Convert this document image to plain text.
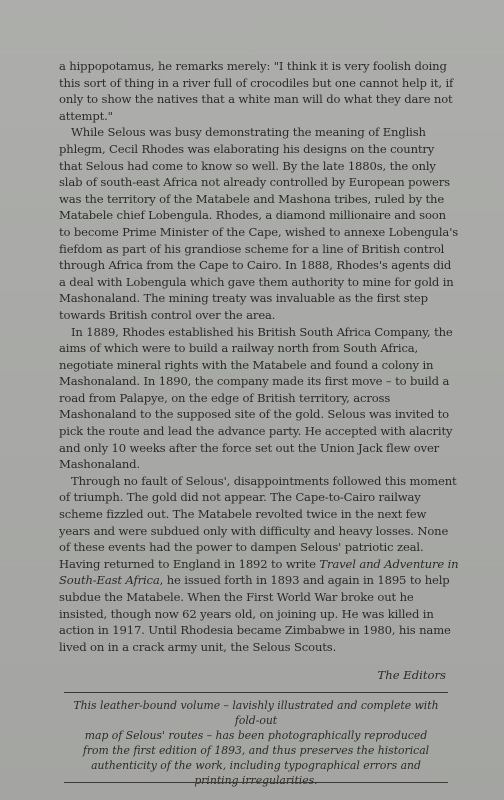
a hippopotamus, he remarks merely: "I think it is very foolish doing this sort of thing in a river full of crocodiles but one cannot help it, if only to show the natives that a white man will do what they dare not attempt."

While Selous was busy demonstrating the meaning of English phlegm, Cecil Rhodes was elaborating his designs on the country that Selous had come to know so well. By the late 1880s, the only slab of south-east Africa not already controlled by European powers was the territory of the Matabele and Mashona tribes, ruled by the Matabele chief Lobengula. Rhodes, a diamond millionaire and soon to become Prime Minister of the Cape, wished to annexe Lobengula's fiefdom as part of his grandiose scheme for a line of British control through Africa from the Cape to Cairo. In 1888, Rhodes's agents did a deal with Lobengula which gave them authority to mine for gold in Mashonaland. The mining treaty was invaluable as the first step towards British control over the area.

In 1889, Rhodes established his British South Africa Company, the aims of which were to build a railway north from South Africa, negotiate mineral rights with the Matabele and found a colony in Mashonaland. In 1890, the company made its first move – to build a road from Palapye, on the edge of British territory, across Mashonaland to the supposed site of the gold. Selous was invited to pick the route and lead the advance party. He accepted with alacrity and only 10 weeks after the force set out the Union Jack flew over Mashonaland.

Through no fault of Selous', disappointments followed this moment of triumph. The gold did not appear. The Cape-to-Cairo railway scheme fizzled out. The Matabele revolted twice in the next few years and were subdued only with difficulty and heavy losses. None of these events had the power to dampen Selous' patriotic zeal. Having returned to England in 1892 to write Travel and Adventure in South-East Africa, he issued forth in 1893 and again in 1895 to help subdue the Matabele. When the First World War broke out he insisted, though now 62 years old, on joining up. He was killed in action in 1917. Until Rhodesia became Zimbabwe in 1980, his name lived on in a crack army unit, the Selous Scouts.

The Editors
This leather-bound volume – lavishly illustrated and complete with fold-out
map of Selous' routes – has been photographically reproduced
from the first edition of 1893, and thus preserves the historical
authenticity of the work, including typographical errors and
printing irregularities.
